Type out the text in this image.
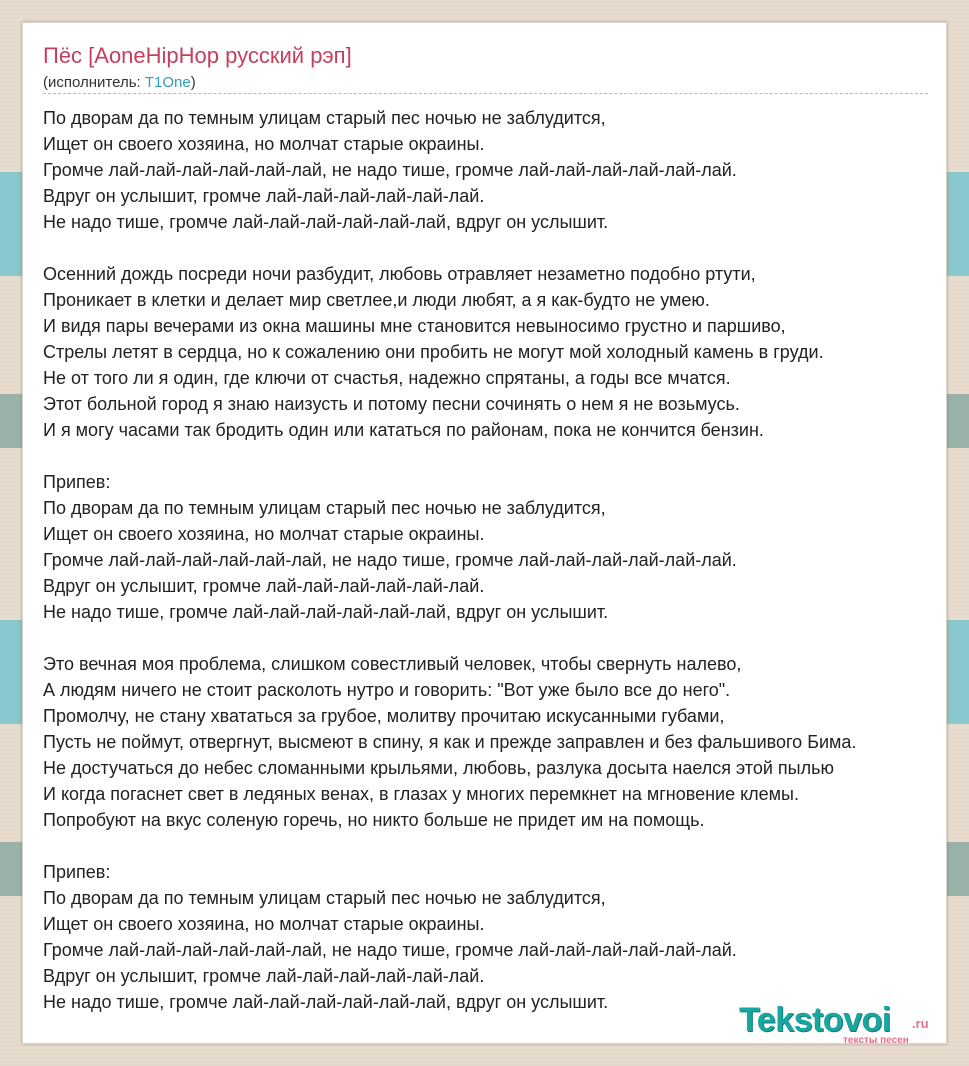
Пёс [AoneHipHop русский рэп]
(исполнитель: T1One)
По дворам да по темным улицам старый пес ночью не заблудится,
Ищет он своего хозяина, но молчат старые окраины.
Громче лай-лай-лай-лай-лай-лай, не надо тише, громче лай-лай-лай-лай-лай-лай.
Вдруг он услышит, громче лай-лай-лай-лай-лай-лай.
Не надо тише, громче лай-лай-лай-лай-лай-лай, вдруг он услышит.
Осенний дождь посреди ночи разбудит, любовь отравляет незаметно подобно ртути,
Проникает в клетки и делает мир светлее,и люди любят, а я как-будто не умею.
И видя пары вечерами из окна машины мне становится невыносимо грустно и паршиво,
Стрелы летят в сердца, но к сожалению они пробить не могут мой холодный камень в груди.
Не от того ли я один, где ключи от счастья, надежно спрятаны, а годы все мчатся.
Этот больной город я знаю наизусть и потому песни сочинять о нем я не возьмусь.
И я могу часами так бродить один или кататься по районам, пока не кончится бензин.
Припев:
По дворам да по темным улицам старый пес ночью не заблудится,
Ищет он своего хозяина, но молчат старые окраины.
Громче лай-лай-лай-лай-лай-лай, не надо тише, громче лай-лай-лай-лай-лай-лай.
Вдруг он услышит, громче лай-лай-лай-лай-лай-лай.
Не надо тише, громче лай-лай-лай-лай-лай-лай, вдруг он услышит.
Это вечная моя проблема, слишком совестливый человек, чтобы свернуть налево,
А людям ничего не стоит расколоть нутро и говорить: "Вот уже было все до него".
Промолчу, не стану хвататься за грубое, молитву прочитаю искусанными губами,
Пусть не поймут, отвергнут, высмеют в спину, я как и прежде заправлен и без фальшивого Бима.
Не достучаться до небес сломанными крыльями, любовь, разлука досыта наелся этой пылью
И когда погаснет свет в ледяных венах, в глазах у многих перемкнет на мгновение клемы.
Попробуют на вкус соленую горечь, но никто больше не придет им на помощь.
Припев:
По дворам да по темным улицам старый пес ночью не заблудится,
Ищет он своего хозяина, но молчат старые окраины.
Громче лай-лай-лай-лай-лай-лай, не надо тише, громче лай-лай-лай-лай-лай-лай.
Вдруг он услышит, громче лай-лай-лай-лай-лай-лай.
Не надо тише, громче лай-лай-лай-лай-лай-лай, вдруг он услышит.	Tekstovoi .ru
тексты песен
